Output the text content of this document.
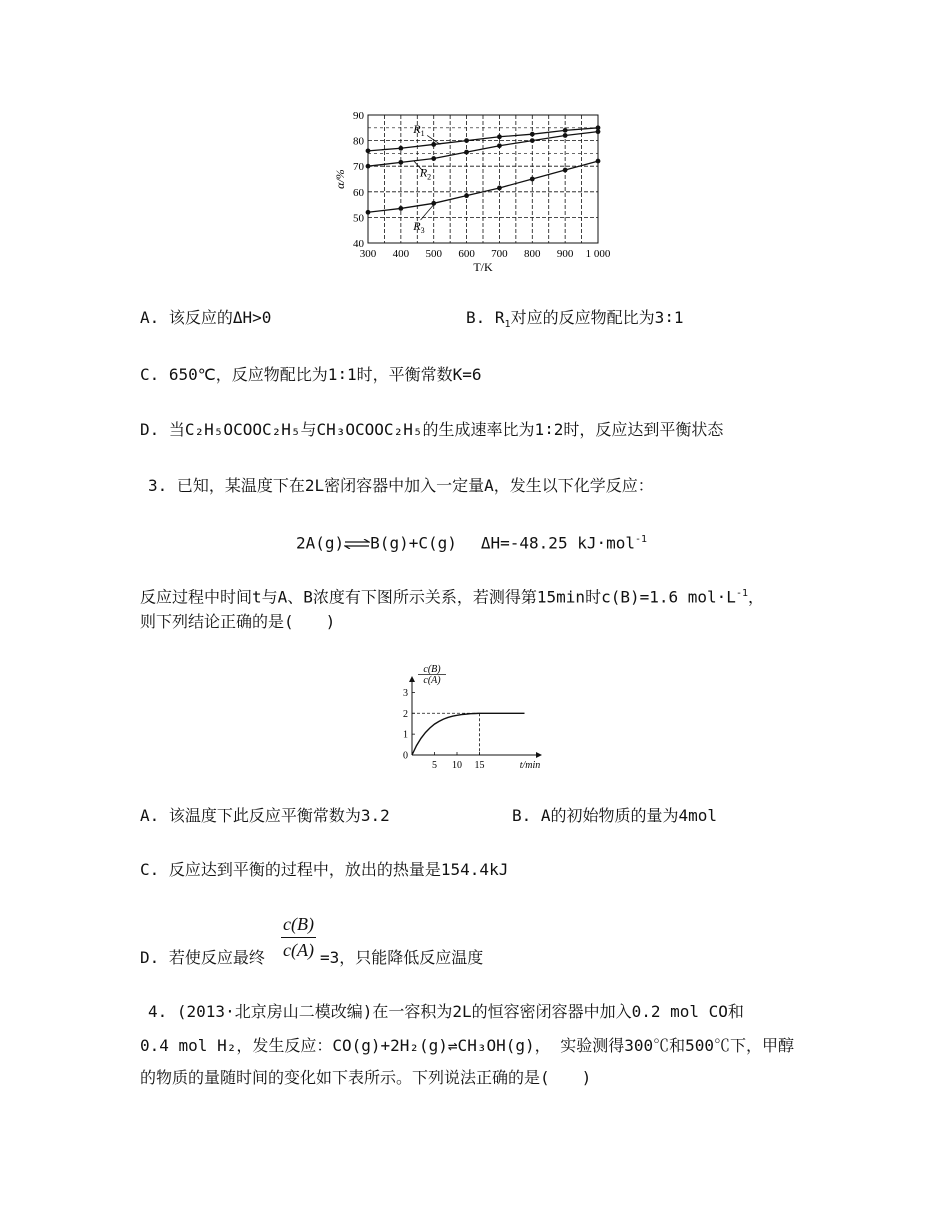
300 400 500 600 700 800 900 1 000
40
50
60
70
80
90
α/%
T/K
$R_1$
$R_2$
$R_3$
A. 该反应的ΔH>0	B. $R_1$对应的反应物配比为3∶1
C. 650℃，反应物配比为1∶1时，平衡常数K=6
D. 当C₂H₅OCOOC₂H₅与CH₃OCOOC₂H₅的生成速率比为1∶2时，反应达到平衡状态
3. 已知，某温度下在2L密闭容器中加入一定量A，发生以下化学反应：
2A(g)⇌B(g)+C(g) ΔH=-48.25 kJ·mol$^{-1}$
反应过程中时间t与A、B浓度有下图所示关系，若测得第15min时c(B)=1.6 $mol\cdot L^{-1}$，
则下列结论正确的是(　　)
0
1
2
3
5 10 15	t/min
c(B)
c(A)
A. 该温度下此反应平衡常数为3.2	B. A的初始物质的量为4mol
C. 反应达到平衡的过程中，放出的热量是154.4kJ
D. 若使反应最终 $\frac{c(B)}{c(A)} =3$，只能降低反应温度
4. (2013·北京房山二模改编)在一容积为2L的恒容密闭容器中加入0.2 mol CO和
0.4 mol H₂，发生反应：CO(g)+2H₂(g)⇌CH₃OH(g)， 实验测得300℃和500℃下，甲醇
的物质的量随时间的变化如下表所示。下列说法正确的是(　　)
